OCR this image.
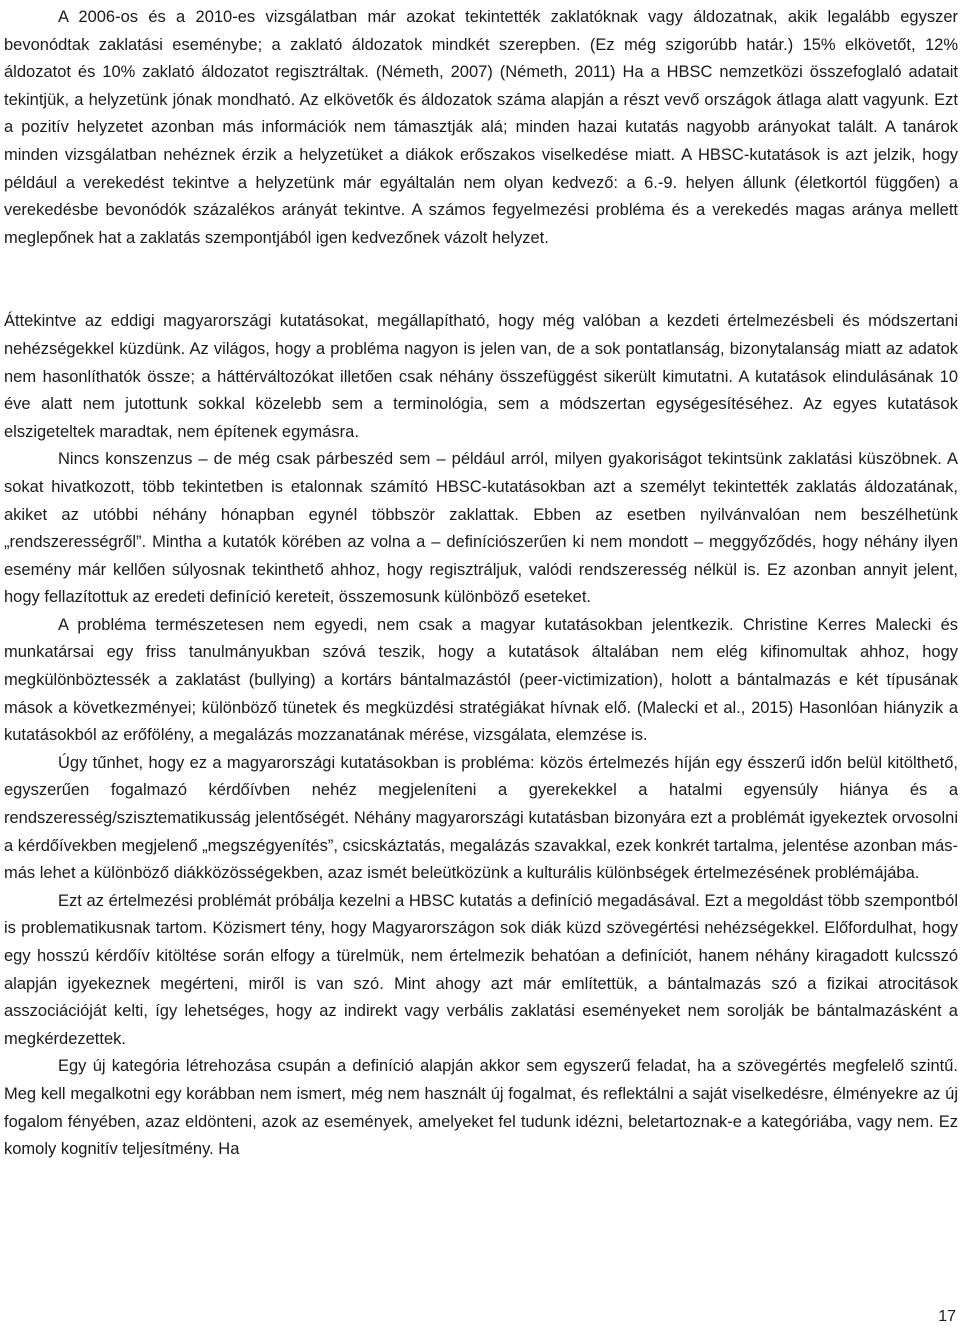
A 2006-os és a 2010-es vizsgálatban már azokat tekintették zaklatóknak vagy áldozatnak, akik legalább egyszer bevonódtak zaklatási eseménybe; a zaklató áldozatok mindkét szerepben. (Ez még szigorúbb határ.) 15% elkövetőt, 12% áldozatot és 10% zaklató áldozatot regisztráltak. (Németh, 2007) (Németh, 2011) Ha a HBSC nemzetközi összefoglaló adatait tekintjük, a helyzetünk jónak mondható. Az elkövetők és áldozatok száma alapján a részt vevő országok átlaga alatt vagyunk. Ezt a pozitív helyzetet azonban más információk nem támasztják alá; minden hazai kutatás nagyobb arányokat talált. A tanárok minden vizsgálatban nehéznek érzik a helyzetüket a diákok erőszakos viselkedése miatt. A HBSC-kutatások is azt jelzik, hogy például a verekedést tekintve a helyzetünk már egyáltalán nem olyan kedvező: a 6.-9. helyen állunk (életkortól függően) a verekedésbe bevonódók százalékos arányát tekintve. A számos fegyelmezési probléma és a verekedés magas aránya mellett meglepőnek hat a zaklatás szempontjából igen kedvezőnek vázolt helyzet.

Áttekintve az eddigi magyarországi kutatásokat, megállapítható, hogy még valóban a kezdeti értelmezésbeli és módszertani nehézségekkel küzdünk. Az világos, hogy a probléma nagyon is jelen van, de a sok pontatlanság, bizonytalanság miatt az adatok nem hasonlíthatók össze; a háttérváltozókat illetően csak néhány összefüggést sikerült kimutatni. A kutatások elindulásának 10 éve alatt nem jutottunk sokkal közelebb sem a terminológia, sem a módszertan egységesítéséhez. Az egyes kutatások elszigeteltek maradtak, nem építenek egymásra.

Nincs konszenzus – de még csak párbeszéd sem – például arról, milyen gyakoriságot tekintsünk zaklatási küszöbnek. A sokat hivatkozott, több tekintetben is etalonnak számító HBSC-kutatásokban azt a személyt tekintették zaklatás áldozatának, akiket az utóbbi néhány hónapban egynél többször zaklattak. Ebben az esetben nyilvánvalóan nem beszélhetünk „rendszerességről”. Mintha a kutatók körében az volna a – definíciószerűen ki nem mondott – meggyőződés, hogy néhány ilyen esemény már kellően súlyosnak tekinthető ahhoz, hogy regisztráljuk, valódi rendszeresség nélkül is. Ez azonban annyit jelent, hogy fellazítottuk az eredeti definíció kereteit, összemosunk különböző eseteket.

A probléma természetesen nem egyedi, nem csak a magyar kutatásokban jelentkezik. Christine Kerres Malecki és munkatársai egy friss tanulmányukban szóvá teszik, hogy a kutatások általában nem elég kifinomultak ahhoz, hogy megkülönböztessék a zaklatást (bullying) a kortárs bántalmazástól (peer-victimization), holott a bántalmazás e két típusának mások a következményei; különböző tünetek és megküzdési stratégiákat hívnak elő. (Malecki et al., 2015) Hasonlóan hiányzik a kutatásokból az erőfölény, a megalázás mozzanatának mérése, vizsgálata, elemzése is.

Úgy tűnhet, hogy ez a magyarországi kutatásokban is probléma: közös értelmezés híján egy ésszerű időn belül kitölthető, egyszerűen fogalmazó kérdőívben nehéz megjeleníteni a gyerekekkel a hatalmi egyensúly hiánya és a rendszeresség/szisztematikusság jelentőségét. Néhány magyarországi kutatásban bizonyára ezt a problémát igyekeztek orvosolni a kérdőívekben megjelenő „megszégyenítés”, csicskáztatás, megalázás szavakkal, ezek konkrét tartalma, jelentése azonban más-más lehet a különböző diákközösségekben, azaz ismét beleütközünk a kulturális különbségek értelmezésének problémájába.

Ezt az értelmezési problémát próbálja kezelni a HBSC kutatás a definíció megadásával. Ezt a megoldást több szempontból is problematikusnak tartom. Közismert tény, hogy Magyarországon sok diák küzd szövegértési nehézségekkel. Előfordulhat, hogy egy hosszú kérdőív kitöltése során elfogy a türelmük, nem értelmezik behatóan a definíciót, hanem néhány kiragadott kulcsszó alapján igyekeznek megérteni, miről is van szó. Mint ahogy azt már említettük, a bántalmazás szó a fizikai atrocitások asszociációját kelti, így lehetséges, hogy az indirekt vagy verbális zaklatási eseményeket nem sorolják be bántalmazásként a megkérdezettek.

Egy új kategória létrehozása csupán a definíció alapján akkor sem egyszerű feladat, ha a szövegértés megfelelő szintű. Meg kell megalkotni egy korábban nem ismert, még nem használt új fogalmat, és reflektálni a saját viselkedésre, élményekre az új fogalom fényében, azaz eldönteni, azok az események, amelyeket fel tudunk idézni, beletartoznak-e a kategóriába, vagy nem. Ez komoly kognitív teljesítmény. Ha

17
